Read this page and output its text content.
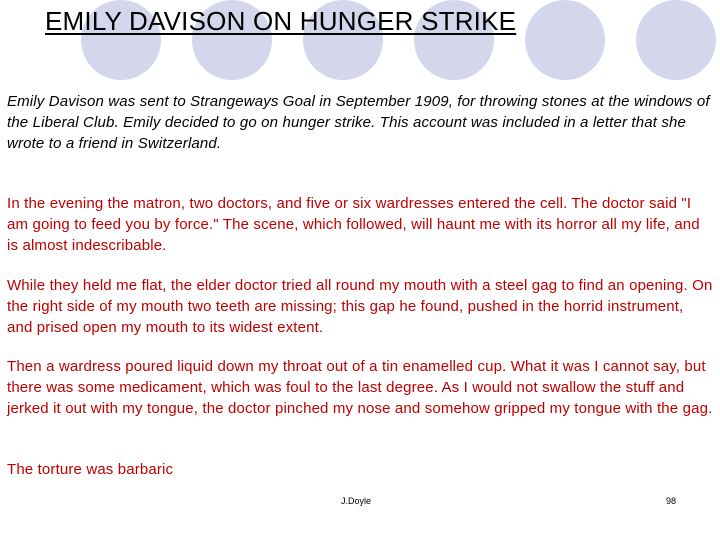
EMILY DAVISON ON HUNGER STRIKE

Emily Davison was sent to Strangeways Goal in September 1909, for throwing stones at the windows of the Liberal Club. Emily decided to go on hunger strike. This account was included in a letter that she wrote to a friend in Switzerland.

In the evening the matron, two doctors, and five or six wardresses entered the cell. The doctor said "I am going to feed you by force." The scene, which followed, will haunt me with its horror all my life, and is almost indescribable.

While they held me flat, the elder doctor tried all round my mouth with a steel gag to find an opening. On the right side of my mouth two teeth are missing; this gap he found, pushed in the horrid instrument, and prised open my mouth to its widest extent.

Then a wardress poured liquid down my throat out of a tin enamelled cup. What it was I cannot say, but there was some medicament, which was foul to the last degree. As I would not swallow the stuff and jerked it out with my tongue, the doctor pinched my nose and somehow gripped my tongue with the gag.

The torture was barbaric

J.Doyle	98
